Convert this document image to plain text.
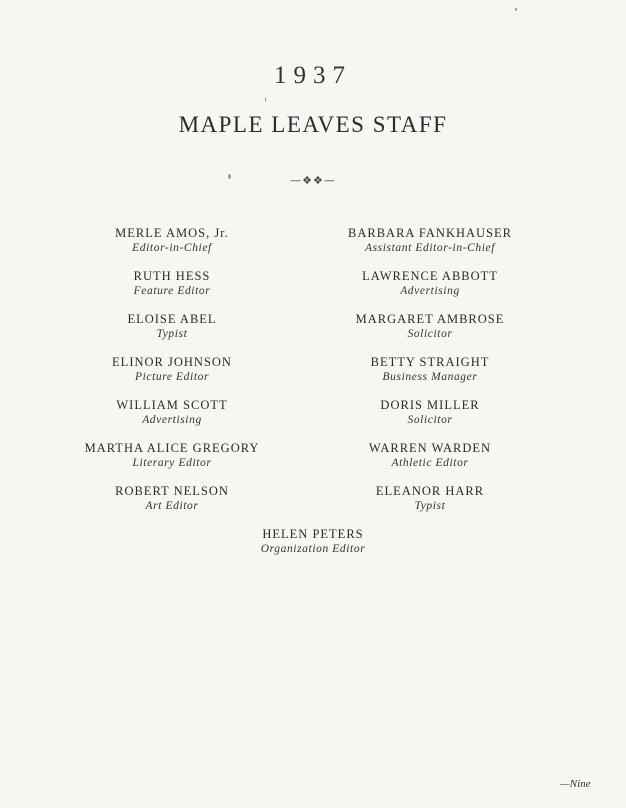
1937
MAPLE LEAVES STAFF
—❖❖—
MERLE AMOS, Jr.
Editor-in-Chief
RUTH HESS
Feature Editor
ELOISE ABEL
Typist
ELINOR JOHNSON
Picture Editor
WILLIAM SCOTT
Advertising
MARTHA ALICE GREGORY
Literary Editor
ROBERT NELSON
Art Editor
BARBARA FANKHAUSER
Assistant Editor-in-Chief
LAWRENCE ABBOTT
Advertising
MARGARET AMBROSE
Solicitor
BETTY STRAIGHT
Business Manager
DORIS MILLER
Solicitor
WARREN WARDEN
Athletic Editor
ELEANOR HARR
Typist
HELEN PETERS
Organization Editor
—Nine
